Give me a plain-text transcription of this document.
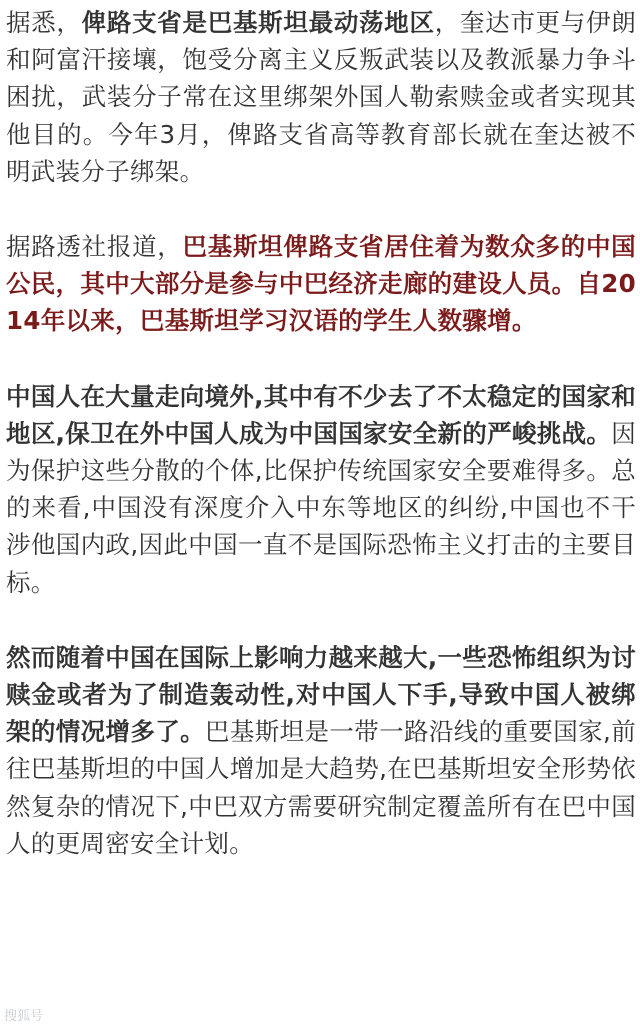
据悉，俾路支省是巴基斯坦最动荡地区，奎达市更与伊朗和阿富汗接壤，饱受分离主义反叛武装以及教派暴力争斗困扰，武装分子常在这里绑架外国人勒索赎金或者实现其他目的。今年3月，俾路支省高等教育部长就在奎达被不明武装分子绑架。

据路透社报道，巴基斯坦俾路支省居住着为数众多的中国公民，其中大部分是参与中巴经济走廊的建设人员。自2014年以来，巴基斯坦学习汉语的学生人数骤增。

中国人在大量走向境外,其中有不少去了不太稳定的国家和地区,保卫在外中国人成为中国国家安全新的严峻挑战。因为保护这些分散的个体,比保护传统国家安全要难得多。总的来看,中国没有深度介入中东等地区的纠纷,中国也不干涉他国内政,因此中国一直不是国际恐怖主义打击的主要目标。

然而随着中国在国际上影响力越来越大,一些恐怖组织为讨赎金或者为了制造轰动性,对中国人下手,导致中国人被绑架的情况增多了。巴基斯坦是一带一路沿线的重要国家,前往巴基斯坦的中国人增加是大趋势,在巴基斯坦安全形势依然复杂的情况下,中巴双方需要研究制定覆盖所有在巴中国人的更周密安全计划。

搜狐号
